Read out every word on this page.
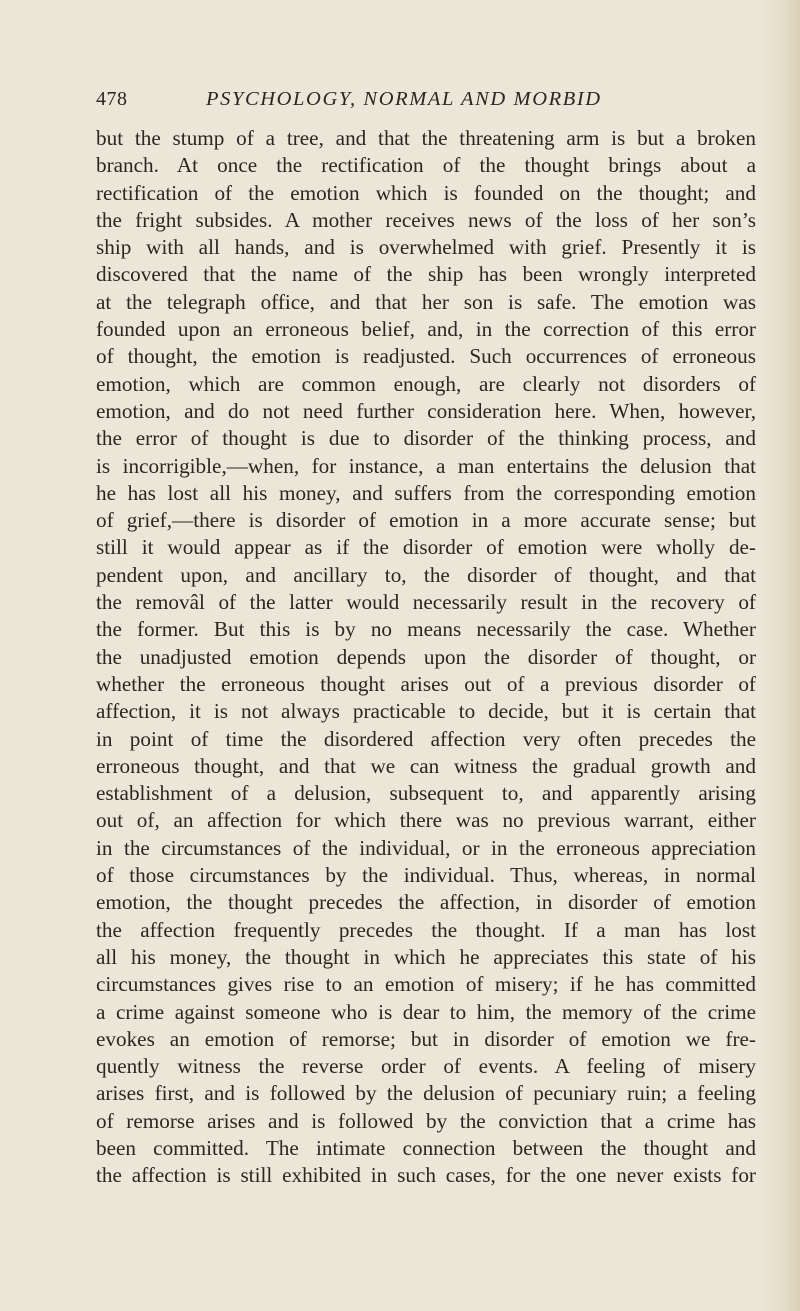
478	PSYCHOLOGY, NORMAL AND MORBID
but the stump of a tree, and that the threatening arm is but a broken
branch. At once the rectification of the thought brings about a
rectification of the emotion which is founded on the thought; and
the fright subsides. A mother receives news of the loss of her son’s
ship with all hands, and is overwhelmed with grief. Presently it is
discovered that the name of the ship has been wrongly interpreted
at the telegraph office, and that her son is safe. The emotion was
founded upon an erroneous belief, and, in the correction of this error
of thought, the emotion is readjusted. Such occurrences of erroneous
emotion, which are common enough, are clearly not disorders of
emotion, and do not need further consideration here. When, however,
the error of thought is due to disorder of the thinking process, and
is incorrigible,—when, for instance, a man entertains the delusion that
he has lost all his money, and suffers from the corresponding emotion
of grief,—there is disorder of emotion in a more accurate sense; but
still it would appear as if the disorder of emotion were wholly de-
pendent upon, and ancillary to, the disorder of thought, and that
the removâl of the latter would necessarily result in the recovery of
the former. But this is by no means necessarily the case. Whether
the unadjusted emotion depends upon the disorder of thought, or
whether the erroneous thought arises out of a previous disorder of
affection, it is not always practicable to decide, but it is certain that
in point of time the disordered affection very often precedes the
erroneous thought, and that we can witness the gradual growth and
establishment of a delusion, subsequent to, and apparently arising
out of, an affection for which there was no previous warrant, either
in the circumstances of the individual, or in the erroneous appreciation
of those circumstances by the individual. Thus, whereas, in normal
emotion, the thought precedes the affection, in disorder of emotion
the affection frequently precedes the thought. If a man has lost
all his money, the thought in which he appreciates this state of his
circumstances gives rise to an emotion of misery; if he has committed
a crime against someone who is dear to him, the memory of the crime
evokes an emotion of remorse; but in disorder of emotion we fre-
quently witness the reverse order of events. A feeling of misery
arises first, and is followed by the delusion of pecuniary ruin; a feeling
of remorse arises and is followed by the conviction that a crime has
been committed. The intimate connection between the thought and
the affection is still exhibited in such cases, for the one never exists for
